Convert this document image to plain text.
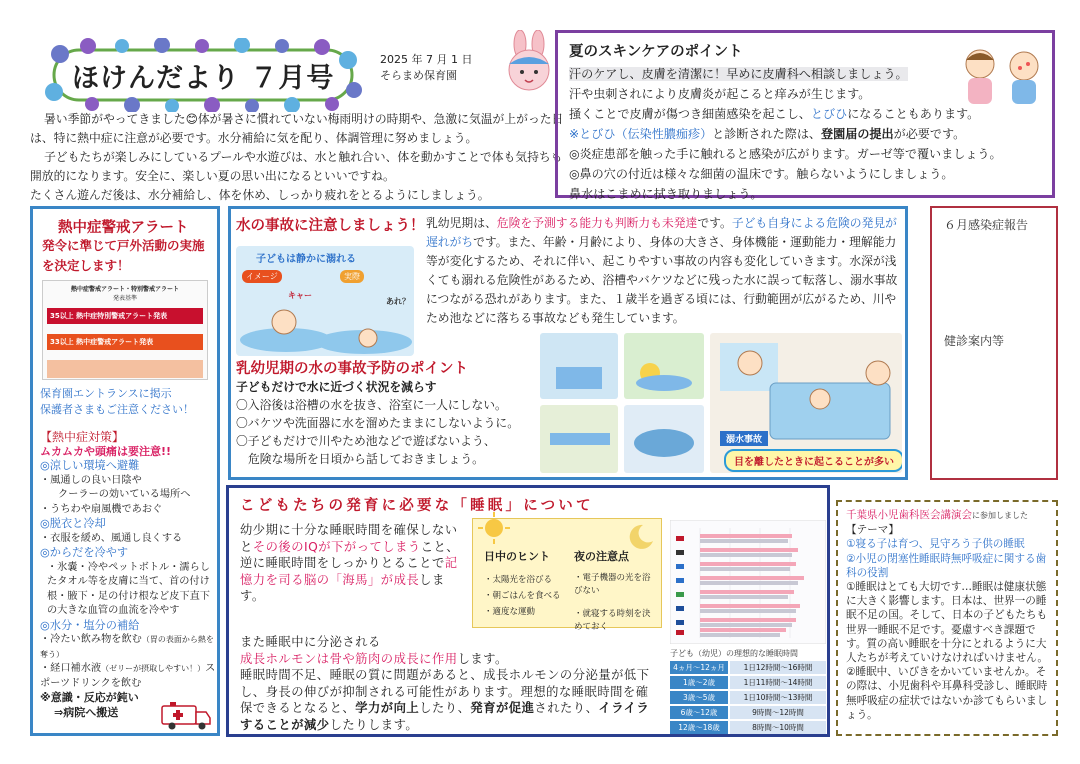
ほけんだより ７月号
2025 年 7 月 1 日
そらまめ保育園

暑い季節がやってきました😊体が暑さに慣れていない梅雨明けの時期や、急激に気温が上がった日は、特に熱中症に注意が必要です。水分補給に気を配り、体調管理に努めましょう。

子どもたちが楽しみにしているプールや水遊びは、水と触れ合い、体を動かすことで体も気持ちも開放的になります。安全に、楽しい夏の思い出になるといいですね。

たくさん遊んだ後は、水分補給し、体を休め、しっかり疲れをとるようにしましょう。

夏のスキンケアのポイント
汗のケアし、皮膚を清潔に！早めに皮膚科へ相談しましょう。
汗や虫刺されにより皮膚炎が起こると痒みが生じます。
掻くことで皮膚が傷つき細菌感染を起こし、とびひになることもあります。
※とびひ（伝染性膿痂疹）と診断された際は、登園届の提出が必要です。
◎炎症患部を触った手に触れると感染が広がります。ガーゼ等で覆いましょう。
◎鼻の穴の付近は様々な細菌の温床です。触らないようにしましょう。
鼻水はこまめに拭き取りましょう。
熱中症警戒アラート
発令に準じて戸外活動の実施を決定します！
熱中症警戒アラート・特別警戒アラート
発表基準
35以上 熱中症特別警戒アラート発表
33以上 熱中症警戒アラート発表
保育園エントランスに掲示
保護者さまもご注意ください！
【熱中症対策】
ムカムカや頭痛は要注意!!
◎涼しい環境へ避難
・風通しの良い日陰や
クーラーの効いている場所へ
・うちわや扇風機であおぐ
◎脱衣と冷却
・衣服を緩め、風通し良くする
◎からだを冷やす
・氷嚢・冷やペットボトル・濡らしたタオル等を皮膚に当て、首の付け根・腋下・足の付け根など皮下直下の大きな血管の血流を冷やす
◎水分・塩分の補給
・冷たい飲み物を飲む（胃の表面から熱を奪う）
・経口補水液（ゼリーが摂取しやすい！）スポーツドリンクを飲む
※意識・反応が鈍い
⇒病院へ搬送
水の事故に注意しましょう！ 乳幼児期は、危険を予測する能力も判断力も未発達です。子ども自身による危険の発見が遅れがちです。また、年齢・月齢により、身体の大きさ、身体機能・運動能力・理解能力等が変化するため、それに伴い、起こりやすい事故の内容も変化していきます。水深が浅くても溺れる危険性があるため、浴槽やバケツなどに残った水に誤って転落し、溺水事故につながる恐れがあります。また、１歳半を過ぎる頃には、行動範囲が広がるため、川やため池などに落ちる事故なども発生しています。
子どもは静かに溺れる
イメージ	実際
キャー
あれ？
乳幼児期の水の事故予防のポイント
子どもだけで水に近づく状況を減らす
〇入浴後は浴槽の水を抜き、浴室に一人にしない。
〇バケツや洗面器に水を溜めたままにしないように。
〇子どもだけで川やため池などで遊ばないよう、
危険な場所を日頃から話しておきましょう。
溺水事故
目を離したときに起こることが多い
６月感染症報告
健診案内等
こどもたちの発育に必要な「睡眠」について
幼少期に十分な睡眠時間を確保しないとその後のIQが下がってしまうこと、逆に睡眠時間をしっかりとることで記憶力を司る脳の「海馬」が成長します。
また睡眠中に分泌される
成長ホルモンは骨や筋肉の成長に作用します。
睡眠時間不足、睡眠の質に問題があると、成長ホルモンの分泌量が低下し、身長の伸びが抑制される可能性があります。理想的な睡眠時間を確保できるとなると、学力が向上したり、発育が促進されたり、イライラすることが減少したりします。
日中のヒント 夜の注意点
・太陽光を浴びる
・朝ごはんを食べる
・適度な運動
・電子機器の光を浴びない
・就寝する時刻を決めておく
子ども（幼児）の理想的な睡眠時間
4ヵ月〜12ヵ月	1日12時間〜16時間
1歳〜2歳	1日11時間〜14時間
3歳〜5歳	1日10時間〜13時間
6歳〜12歳	9時間〜12時間
12歳〜18歳	8時間〜10時間
千葉県小児歯科医会講演会に参加しました
【テーマ】
①寝る子は育つ、見守ろう子供の睡眠
②小児の閉塞性睡眠時無呼吸症に関する歯科の役割
①睡眠はとても大切です…睡眠は健康状態に大きく影響します。日本は、世界一の睡眠不足の国。そして、日本の子どもたちも世界一睡眠不足です。憂慮すべき課題です。質の高い睡眠を十分にとれるように大人たちが考えていけなければいけません。②睡眠中、いびきをかいていませんか。その際は、小児歯科や耳鼻科受診し、睡眠時無呼吸症の症状ではないか診てもらいましょう。
